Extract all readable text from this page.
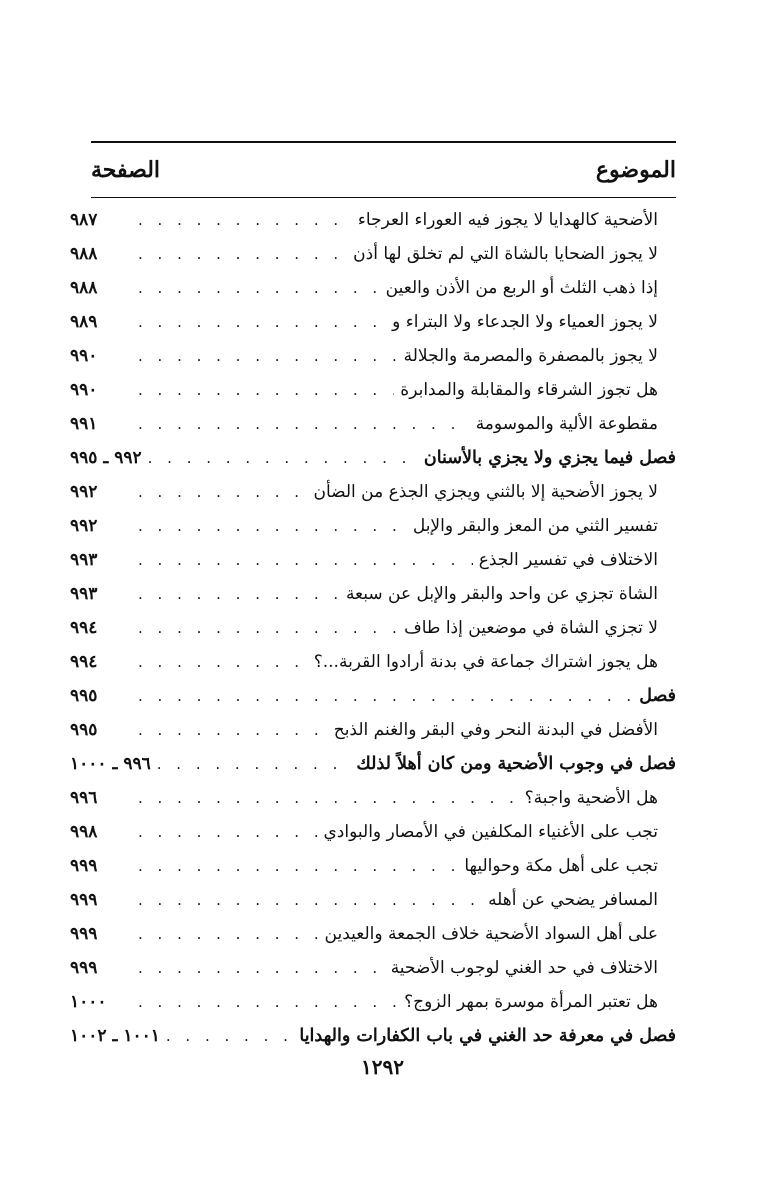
الموضوع
الصفحة
الأضحية كالهدايا لا يجوز فيه العوراء العرجاء
. . .
٩٨٧
لا يجوز الضحايا بالشاة التي لم تخلق لها أذن
. . .
٩٨٨
إذا ذهب الثلث أو الربع من الأذن والعين
. . .
٩٨٨
لا يجوز العمياء ولا الجدعاء ولا البتراء و
. . .
٩٨٩
لا يجوز بالمصفرة والمصرمة والجلالة
. . .
٩٩٠
هل تجوز الشرقاء والمقابلة والمدابرة
. . .
٩٩٠
مقطوعة الألية والموسومة
. . .
٩٩١
فصل فيما يجزي ولا يجزي بالأسنان
. . .
٩٩٢ ـ ٩٩٥
لا يجوز الأضحية إلا بالثني ويجزي الجذع من الضأن
. . .
٩٩٢
تفسير الثني من المعز والبقر والإبل
. . .
٩٩٢
الاختلاف في تفسير الجذع
. . .
٩٩٣
الشاة تجزي عن واحد والبقر والإبل عن سبعة
. . .
٩٩٣
لا تجزي الشاة في موضعين إذا طاف
. . .
٩٩٤
هل يجوز اشتراك جماعة في بدنة أرادوا القربة...؟
. . .
٩٩٤
فصل
. . .
٩٩٥
الأفضل في البدنة النحر وفي البقر والغنم الذبح
. . .
٩٩٥
فصل في وجوب الأضحية ومن كان أهلاً لذلك
. . .
٩٩٦ ـ ١٠٠٠
هل الأضحية واجبة؟
. . .
٩٩٦
تجب على الأغنياء المكلفين في الأمصار والبوادي
. . .
٩٩٨
تجب على أهل مكة وحواليها
. . .
٩٩٩
المسافر يضحي عن أهله
. . .
٩٩٩
على أهل السواد الأضحية خلاف الجمعة والعيدين
. . .
٩٩٩
الاختلاف في حد الغني لوجوب الأضحية
. . .
٩٩٩
هل تعتبر المرأة موسرة بمهر الزوج؟
. . .
١٠٠٠
فصل في معرفة حد الغني في باب الكفارات والهدايا
. . .
١٠٠١ ـ ١٠٠٢
١٢٩٢
